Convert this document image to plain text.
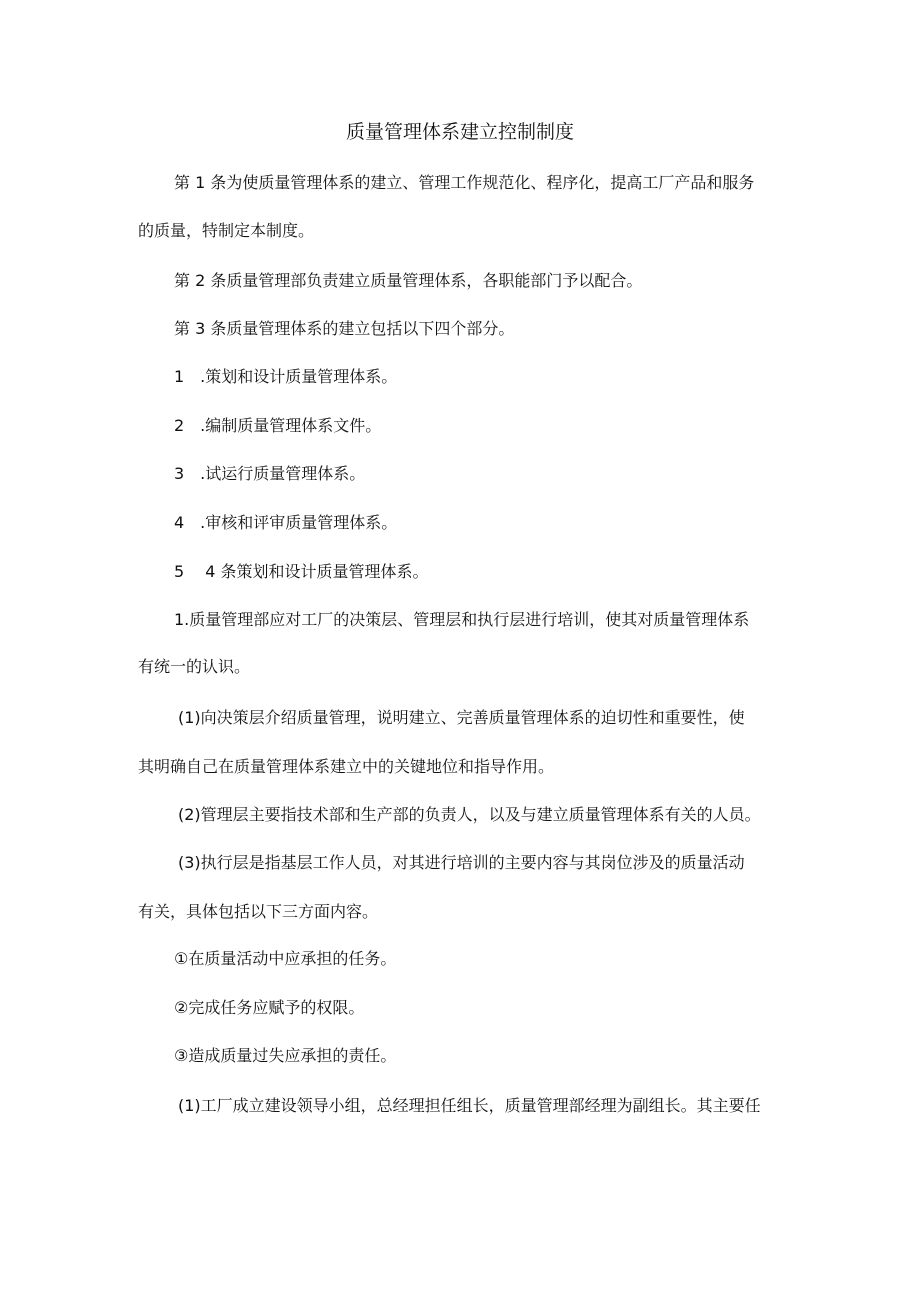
质量管理体系建立控制制度
第 1 条为使质量管理体系的建立、管理工作规范化、程序化，提高工厂产品和服务
的质量，特制定本制度。
第 2 条质量管理部负责建立质量管理体系，各职能部门予以配合。
第 3 条质量管理体系的建立包括以下四个部分。
1　.策划和设计质量管理体系。
2　.编制质量管理体系文件。
3　.试运行质量管理体系。
4　.审核和评审质量管理体系。
5　 4 条策划和设计质量管理体系。
1.质量管理部应对工厂的决策层、管理层和执行层进行培训，使其对质量管理体系
有统一的认识。
(1)向决策层介绍质量管理，说明建立、完善质量管理体系的迫切性和重要性，使
其明确自己在质量管理体系建立中的关键地位和指导作用。
(2)管理层主要指技术部和生产部的负责人，以及与建立质量管理体系有关的人员。
(3)执行层是指基层工作人员，对其进行培训的主要内容与其岗位涉及的质量活动
有关，具体包括以下三方面内容。
①在质量活动中应承担的任务。
②完成任务应赋予的权限。
③造成质量过失应承担的责任。
(1)工厂成立建设领导小组，总经理担任组长，质量管理部经理为副组长。其主要任
